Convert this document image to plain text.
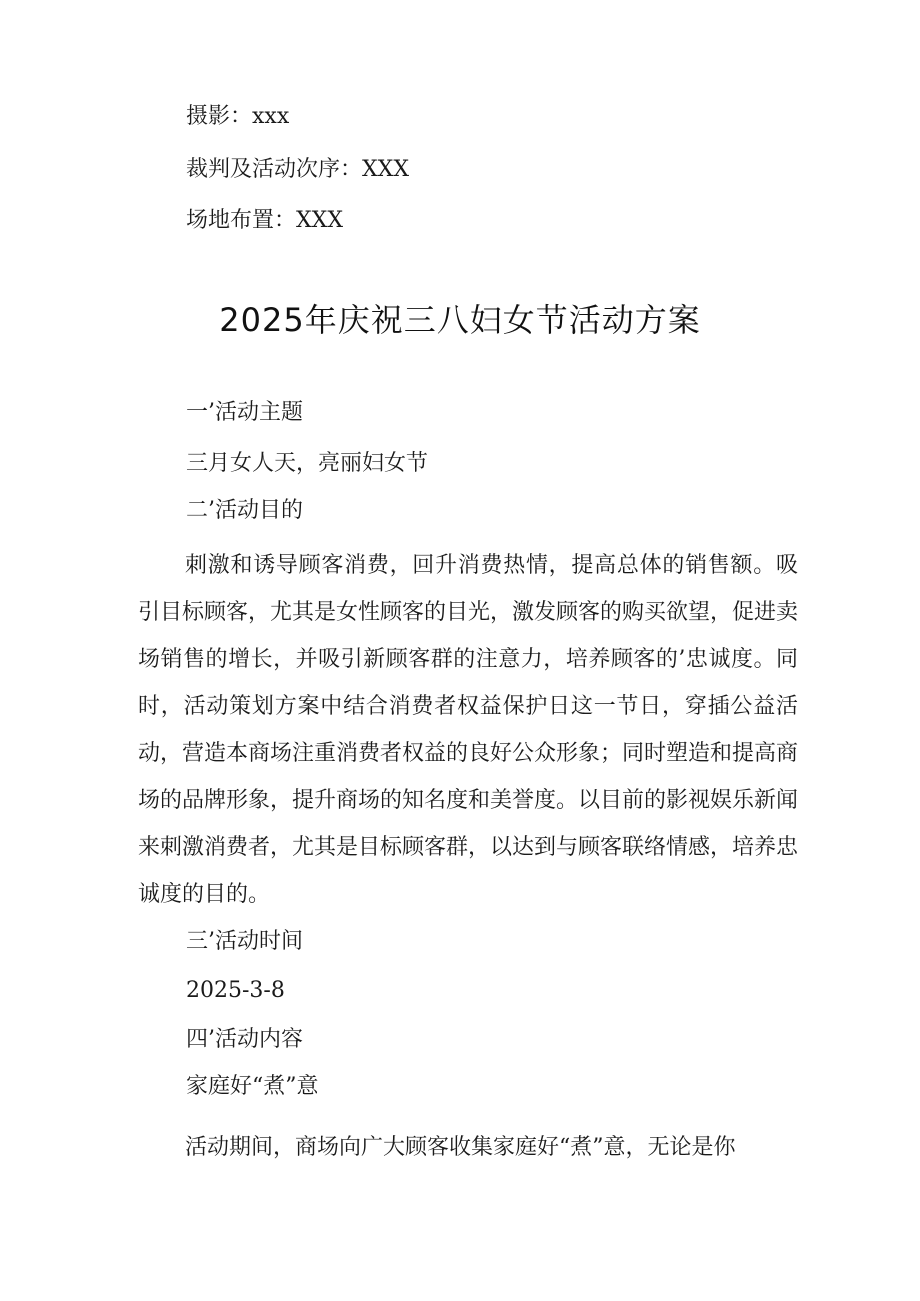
摄影：xxx
裁判及活动次序：XXX
场地布置：XXX
2025年庆祝三八妇女节活动方案
一’活动主题
三月女人天，亮丽妇女节
二’活动目的
刺激和诱导顾客消费，回升消费热情，提高总体的销售额。吸引目标顾客，尤其是女性顾客的目光，激发顾客的购买欲望，促进卖场销售的增长，并吸引新顾客群的注意力，培养顾客的’忠诚度。同时，活动策划方案中结合消费者权益保护日这一节日，穿插公益活动，营造本商场注重消费者权益的良好公众形象；同时塑造和提高商场的品牌形象，提升商场的知名度和美誉度。以目前的影视娱乐新闻来刺激消费者，尤其是目标顾客群，以达到与顾客联络情感，培养忠诚度的目的。
三’活动时间
2025-3-8
四’活动内容
家庭好“煮”意
活动期间，商场向广大顾客收集家庭好“煮”意，无论是你
